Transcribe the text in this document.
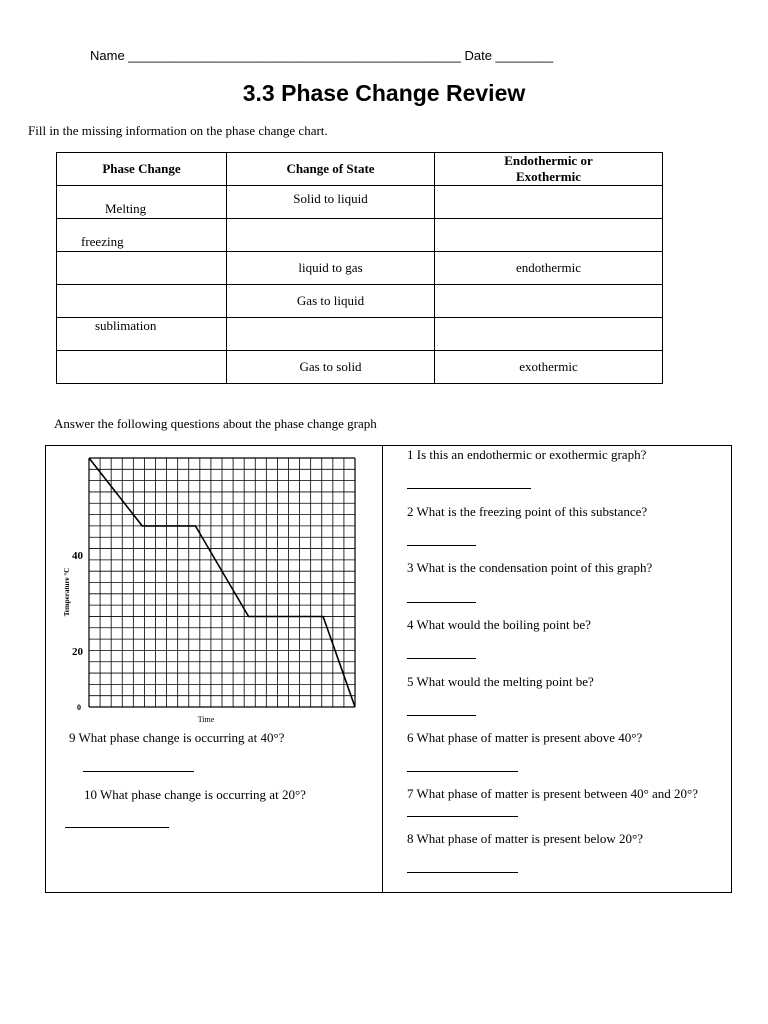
Name ______________________________________________ Date ________
3.3 Phase Change Review
Fill in the missing information on the phase change chart.
Phase Change	Change of State	Endothermic or
Exothermic

Melting	Solid to liquid	

freezing		

	liquid to gas	endothermic

	Gas to liquid	

sublimation		

	Gas to solid	exothermic
Answer the following questions about the phase change graph
40
20
0
Temperature °C
Time
1 Is this an endothermic or exothermic graph?
2 What is the freezing point of this substance?
3 What is the condensation point of this graph?
4 What would the boiling point be?
5 What would the melting point be?
6 What phase of matter is present above 40°?
7 What phase of matter is present between 40° and 20°?
8 What phase of matter is present below 20°?
9 What phase change is occurring at 40°?
10 What phase change is occurring at 20°?
